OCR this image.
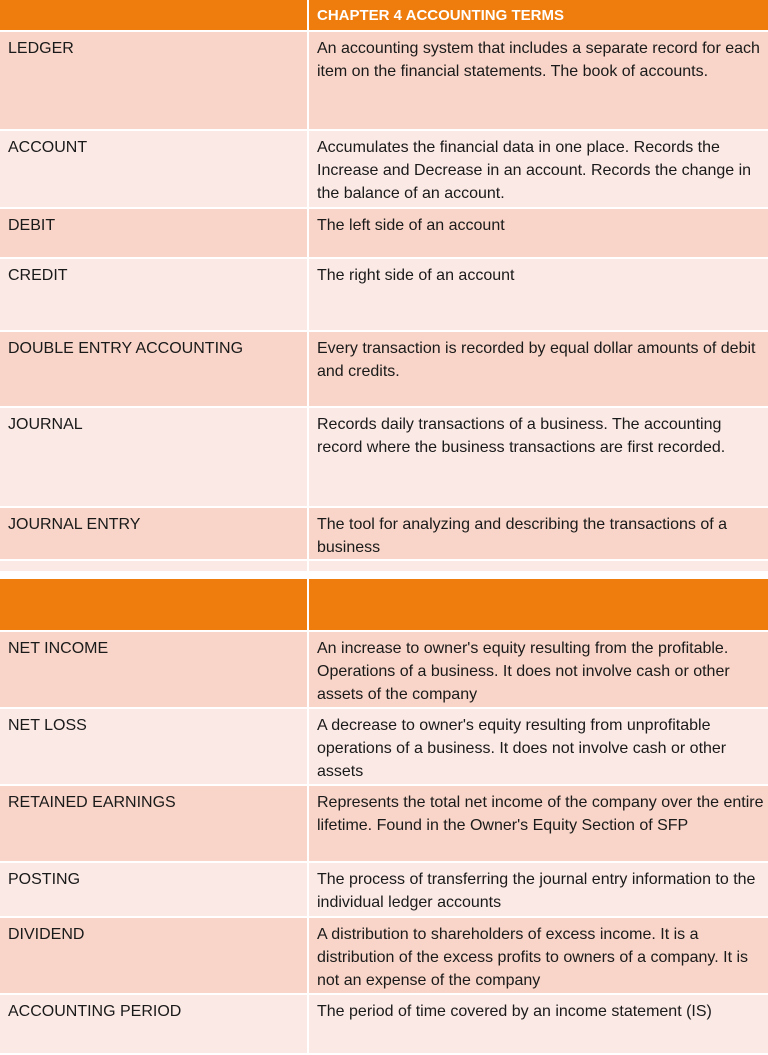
CHAPTER 4 ACCOUNTING TERMS
LEDGER	An accounting system that includes a separate record for each item on the financial statements. The book of accounts.
ACCOUNT	Accumulates the financial data in one place. Records the Increase and Decrease in an account. Records the change in the balance of an account.
DEBIT	The left side of an account
CREDIT	The right side of an account
DOUBLE ENTRY ACCOUNTING	Every transaction is recorded by equal dollar amounts of debit and credits.
JOURNAL	Records daily transactions of a business. The accounting record where the business transactions are first recorded.
JOURNAL ENTRY	The tool for analyzing and describing the transactions of a business
NET INCOME	An increase to owner's equity resulting from the profitable. Operations of a business. It does not involve cash or other assets of the company
NET LOSS	A decrease to owner's equity resulting from unprofitable operations of a business. It does not involve cash or other assets
RETAINED EARNINGS	Represents the total net income of the company over the entire lifetime. Found in the Owner's Equity Section of SFP
POSTING	The process of transferring the journal entry information to the individual ledger accounts
DIVIDEND	A distribution to shareholders of excess income. It is a distribution of the excess profits to owners of a company. It is not an expense of the company
ACCOUNTING PERIOD	The period of time covered by an income statement (IS)
